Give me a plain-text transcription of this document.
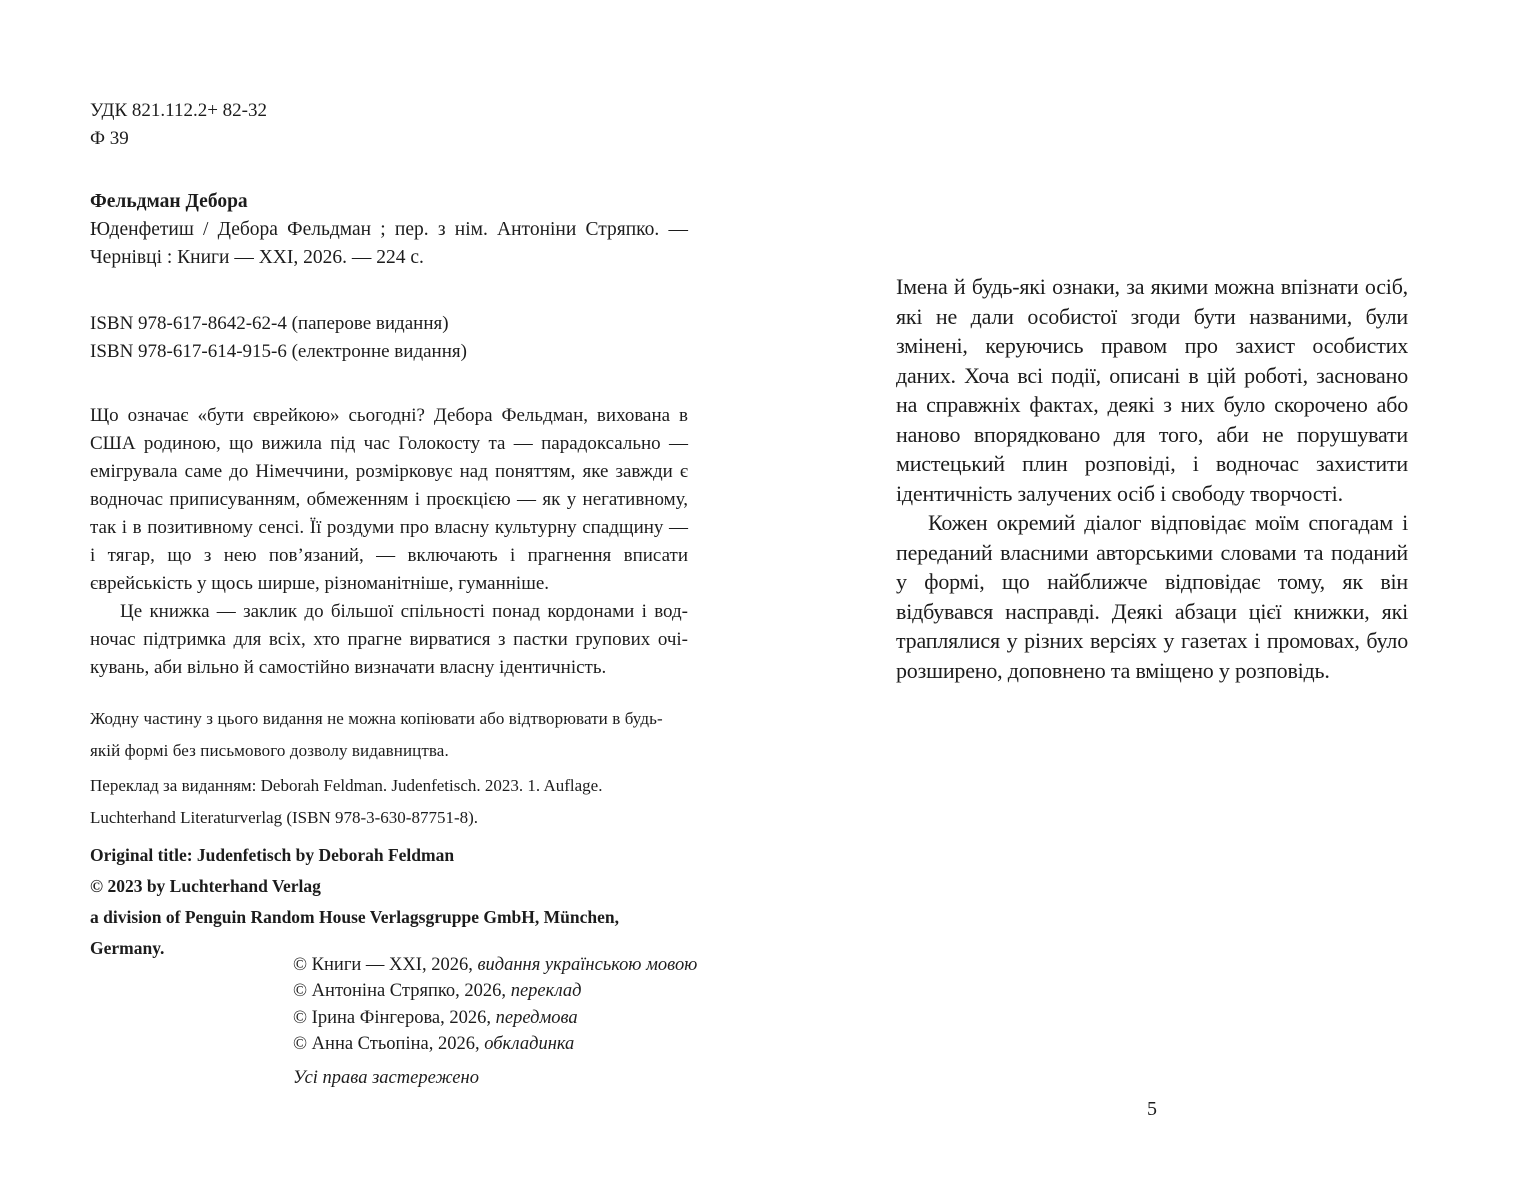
УДК 821.112.2+ 82-32
Ф 39
Фельдман Дебора
Юденфетиш / Дебора Фельдман ; пер. з нім. Антоніни Стряпко. — Чернівці : Книги — XXI, 2026. — 224 с.
ISBN 978-617-8642-62-4 (паперове видання)
ISBN 978-617-614-915-6 (електронне видання)

Що означає «бути єврейкою» сьогодні? Дебора Фельдман, вихована в США родиною, що вижила під час Голокосту та — парадоксально — емігрувала саме до Німеччини, розмірковує над поняттям, яке завжди є водночас приписуванням, обмеженням і проєкцією — як у негативному, так і в позитивному сенсі. Її роздуми про власну культурну спадщину — і тягар, що з нею пов’язаний, — включають і прагнення вписати єврейськість у щось ширше, різноманітніше, гуманніше.

Це книжка — заклик до більшої спільності понад кордонами і водночас підтримка для всіх, хто прагне вирватися з пастки групових очікувань, аби вільно й самостійно визначати власну ідентичність.

Жодну частину з цього видання не можна копіювати або відтворювати в будь-якій формі без письмового дозволу видавництва.
Переклад за виданням: Deborah Feldman. Judenfetisch. 2023. 1. Auflage. Luchterhand Literaturverlag (ISBN 978-3-630-87751-8).
Original title: Judenfetisch by Deborah Feldman
© 2023 by Luchterhand Verlag
a division of Penguin Random House Verlagsgruppe GmbH, München, Germany.
© Книги — XXI, 2026, видання українською мовою
© Антоніна Стряпко, 2026, переклад
© Ірина Фінгерова, 2026, передмова
© Анна Стьопіна, 2026, обкладинка
Усі права застережено

Імена й будь-які ознаки, за якими можна впізнати осіб, які не дали особистої згоди бути названими, були змінені, керуючись правом про захист особистих даних. Хоча всі події, описані в цій роботі, засновано на справжніх фактах, деякі з них було скорочено або наново впорядковано для того, аби не порушувати мистецький плин розповіді, і водночас захистити ідентичність залучених осіб і свободу творчості.

Кожен окремий діалог відповідає моїм спогадам і переданий власними авторськими словами та поданий у формі, що найближче відповідає тому, як він відбувався насправді. Деякі абзаци цієї книжки, які траплялися у різних версіях у газетах і промовах, було розширено, доповнено та вміщено у розповідь.

5
